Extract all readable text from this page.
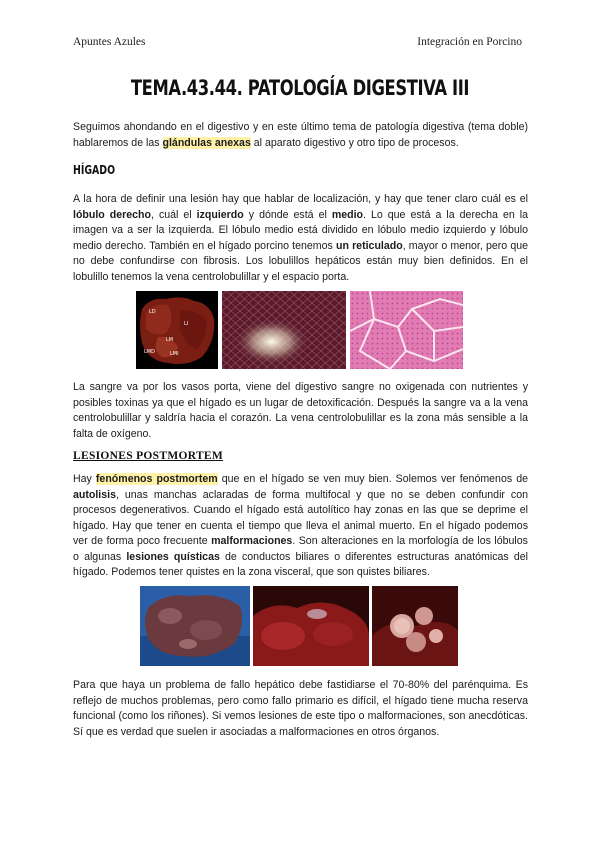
Apuntes Azules	Integración en Porcino
TEMA.43.44. PATOLOGÍA DIGESTIVA III
Seguimos ahondando en el digestivo y en este último tema de patología digestiva (tema doble) hablaremos de las glándulas anexas al aparato digestivo y otro tipo de procesos.
HÍGADO
A la hora de definir una lesión hay que hablar de localización, y hay que tener claro cuál es el lóbulo derecho, cuál el izquierdo y dónde está el medio. Lo que está a la derecha en la imagen va a ser la izquierda. El lóbulo medio está dividido en lóbulo medio izquierdo y lóbulo medio derecho. También en el hígado porcino tenemos un reticulado, mayor o menor, pero que no debe confundirse con fibrosis. Los lobulillos hepáticos están muy bien definidos. En el lobulillo tenemos la vena centrolobulillar y el espacio porta.
LD
LI
LMD
LM
LMI
La sangre va por los vasos porta, viene del digestivo sangre no oxigenada con nutrientes y posibles toxinas ya que el hígado es un lugar de detoxificación. Después la sangre va a la vena centrolobulillar y saldría hacia el corazón. La vena centrolobulillar es la zona más sensible a la falta de oxígeno.
LESIONES POSTMORTEM
Hay fenómenos postmortem que en el hígado se ven muy bien. Solemos ver fenómenos de autolisis, unas manchas aclaradas de forma multifocal y que no se deben confundir con procesos degenerativos. Cuando el hígado está autolítico hay zonas en las que se deprime el hígado. Hay que tener en cuenta el tiempo que lleva el animal muerto. En el hígado podemos ver de forma poco frecuente malformaciones. Son alteraciones en la morfología de los lóbulos o algunas lesiones quísticas de conductos biliares o diferentes estructuras anatómicas del hígado. Podemos tener quistes en la zona visceral, que son quistes biliares.
Para que haya un problema de fallo hepático debe fastidiarse el 70-80% del parénquima. Es reflejo de muchos problemas, pero como fallo primario es difícil, el hígado tiene mucha reserva funcional (como los riñones). Si vemos lesiones de este tipo o malformaciones, son anecdóticas. Sí que es verdad que suelen ir asociadas a malformaciones en otros órganos.
